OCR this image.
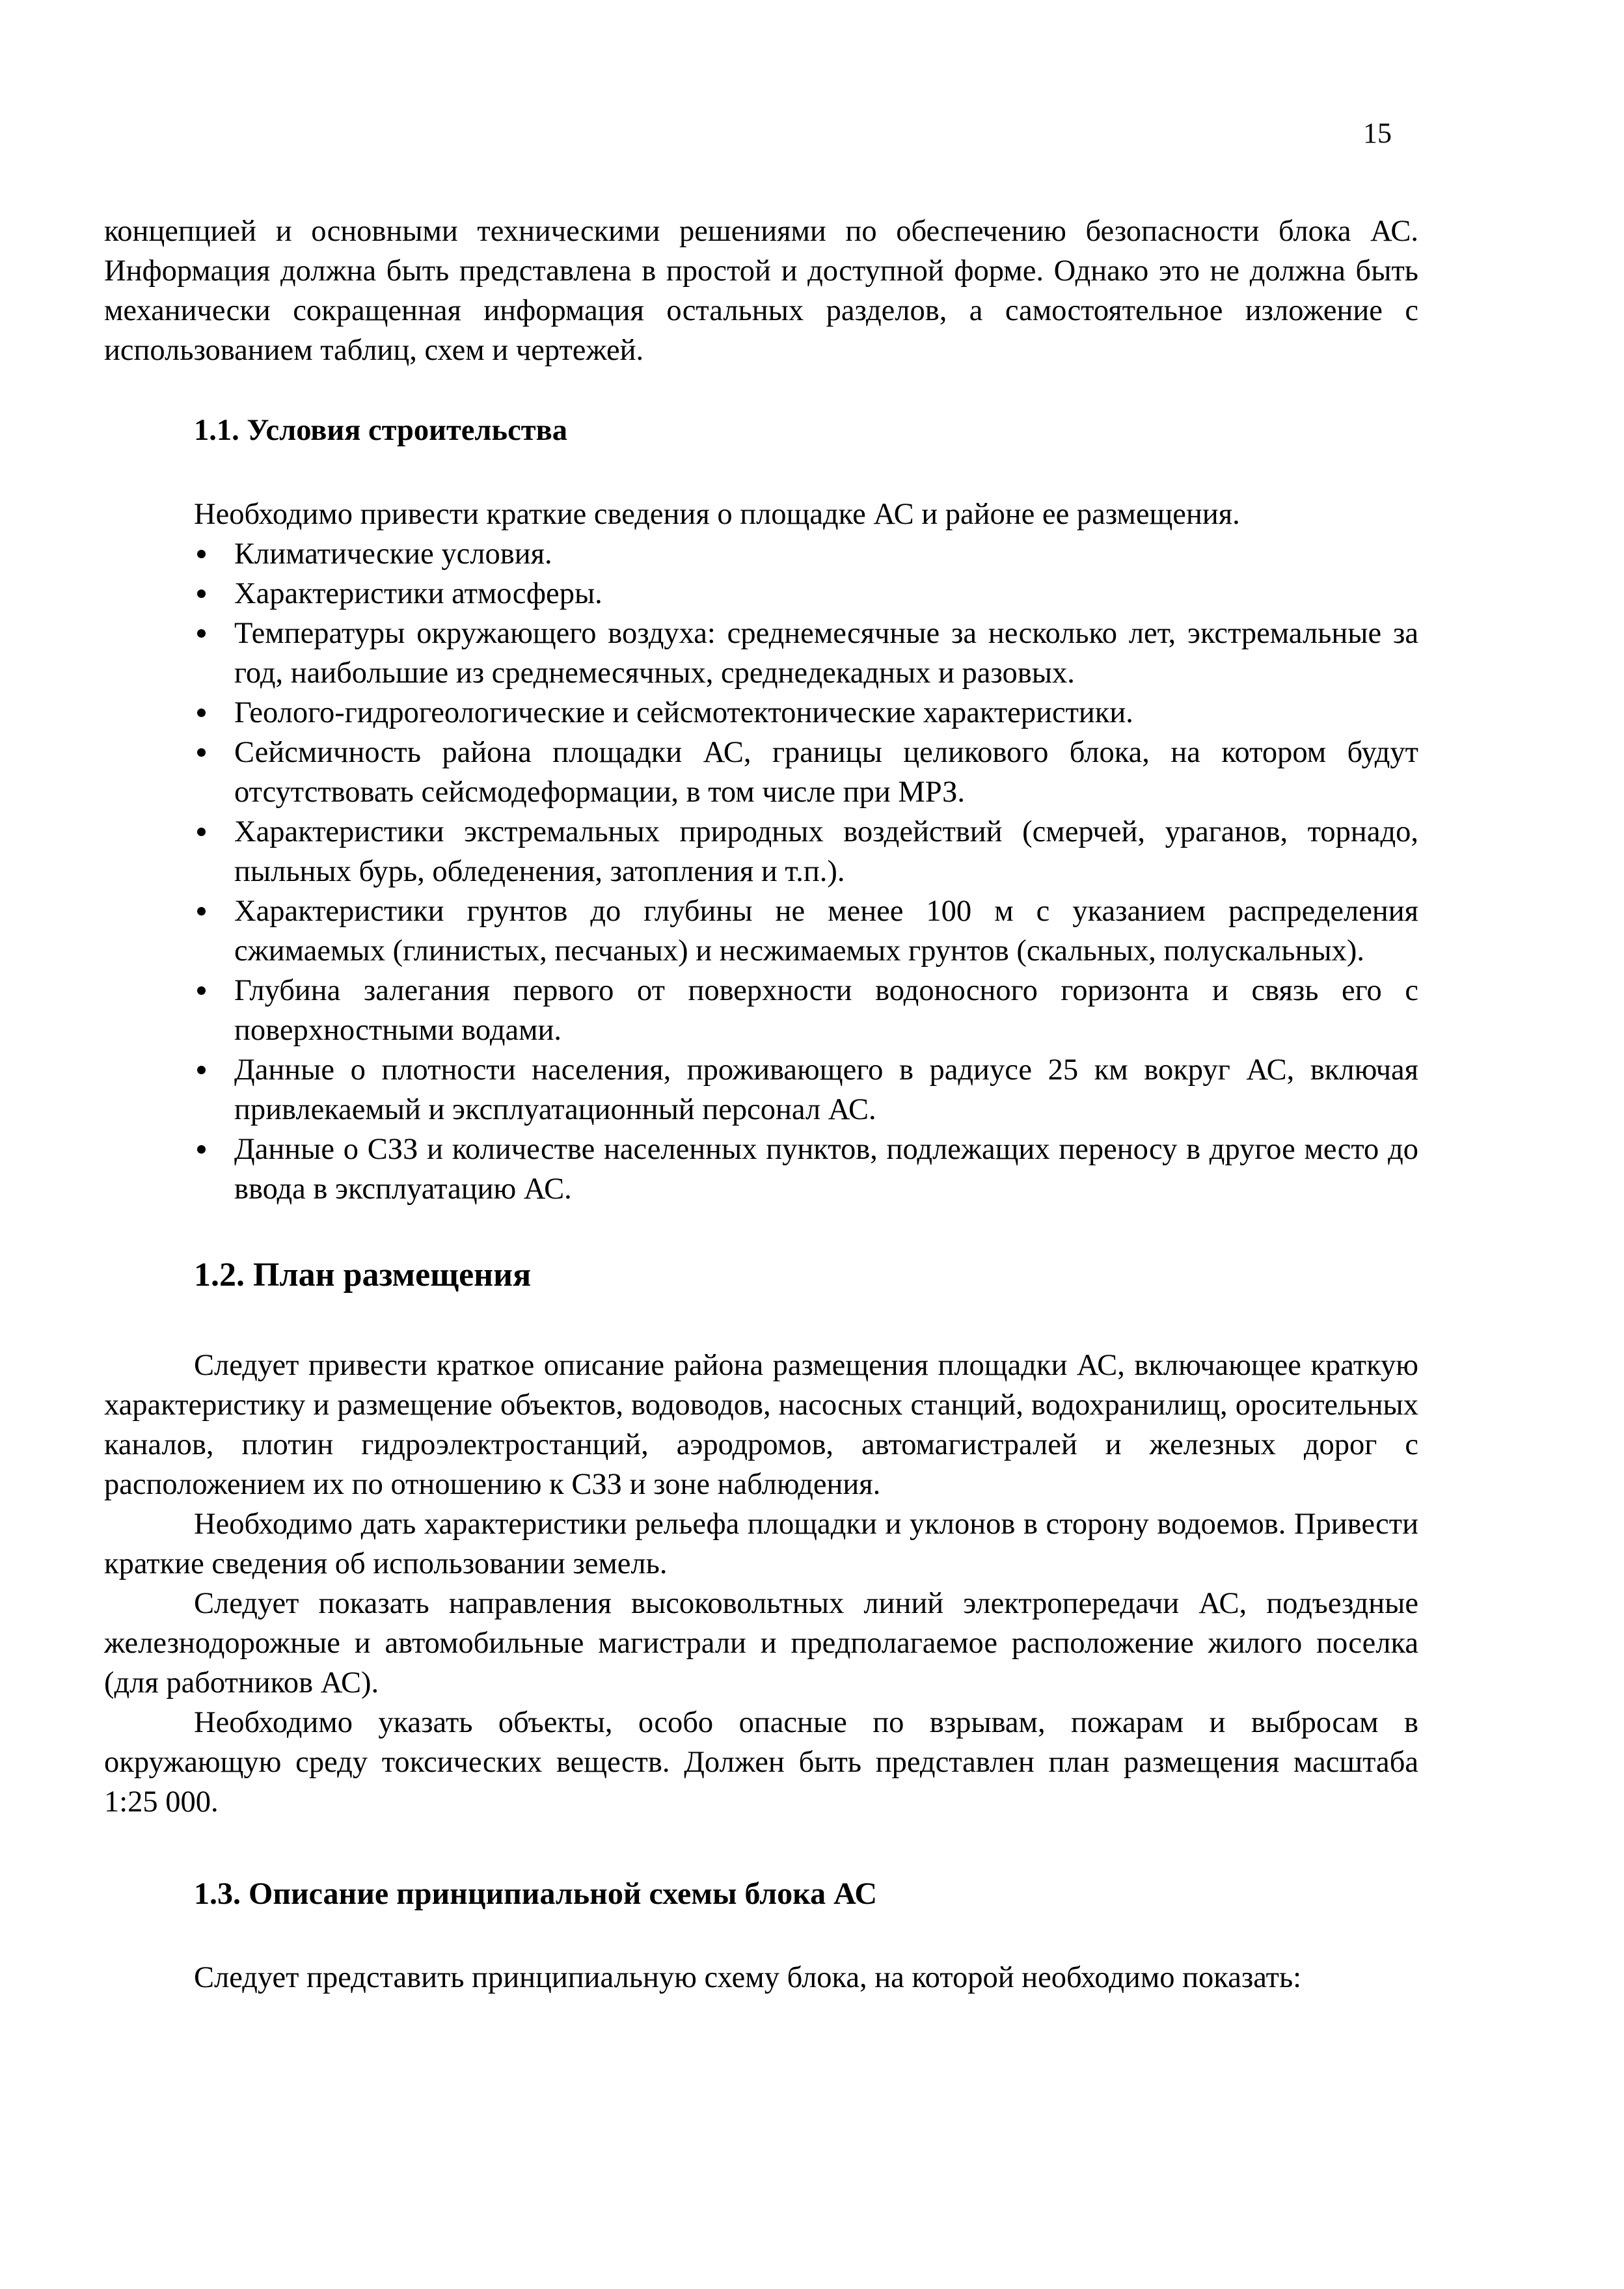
15

концепцией и основными техническими решениями по обеспечению безопасности блока АС. Информация должна быть представлена в простой и доступной форме. Однако это не должна быть механически сокращенная информация остальных разделов, а самостоятельное изложение с использованием таблиц, схем и чертежей.

1.1. Условия строительства

Необходимо привести краткие сведения о площадке АС и районе ее размещения.

Климатические условия.
Характеристики атмосферы.
Температуры окружающего воздуха: среднемесячные за несколько лет, экстремальные за год, наибольшие из среднемесячных, среднедекадных и разовых.
Геолого-гидрогеологические и сейсмотектонические характеристики.
Сейсмичность района площадки АС, границы целикового блока, на котором будут отсутствовать сейсмодеформации, в том числе при МРЗ.
Характеристики экстремальных природных воздействий (смерчей, ураганов, торнадо, пыльных бурь, обледенения, затопления и т.п.).
Характеристики грунтов до глубины не менее 100 м с указанием распределения сжимаемых (глинистых, песчаных) и несжимаемых грунтов (скальных, полускальных).
Глубина залегания первого от поверхности водоносного горизонта и связь его с поверхностными водами.
Данные о плотности населения, проживающего в радиусе 25 км вокруг АС, включая привлекаемый и эксплуатационный персонал АС.
Данные о СЗЗ и количестве населенных пунктов, подлежащих переносу в другое место до ввода в эксплуатацию АС.
1.2. План размещения

Следует привести краткое описание района размещения площадки АС, включающее краткую характеристику и размещение объектов, водоводов, насосных станций, водохранилищ, оросительных каналов, плотин гидроэлектростанций, аэродромов, автомагистралей и железных дорог с расположением их по отношению к СЗЗ и зоне наблюдения.

Необходимо дать характеристики рельефа площадки и уклонов в сторону водоемов. Привести краткие сведения об использовании земель.

Следует показать направления высоковольтных линий электропередачи АС, подъездные железнодорожные и автомобильные магистрали и предполагаемое расположение жилого поселка (для работников АС).

Необходимо указать объекты, особо опасные по взрывам, пожарам и выбросам в окружающую среду токсических веществ. Должен быть представлен план размещения масштаба 1:25 000.

1.3. Описание принципиальной схемы блока АС

Следует представить принципиальную схему блока, на которой необходимо показать:
